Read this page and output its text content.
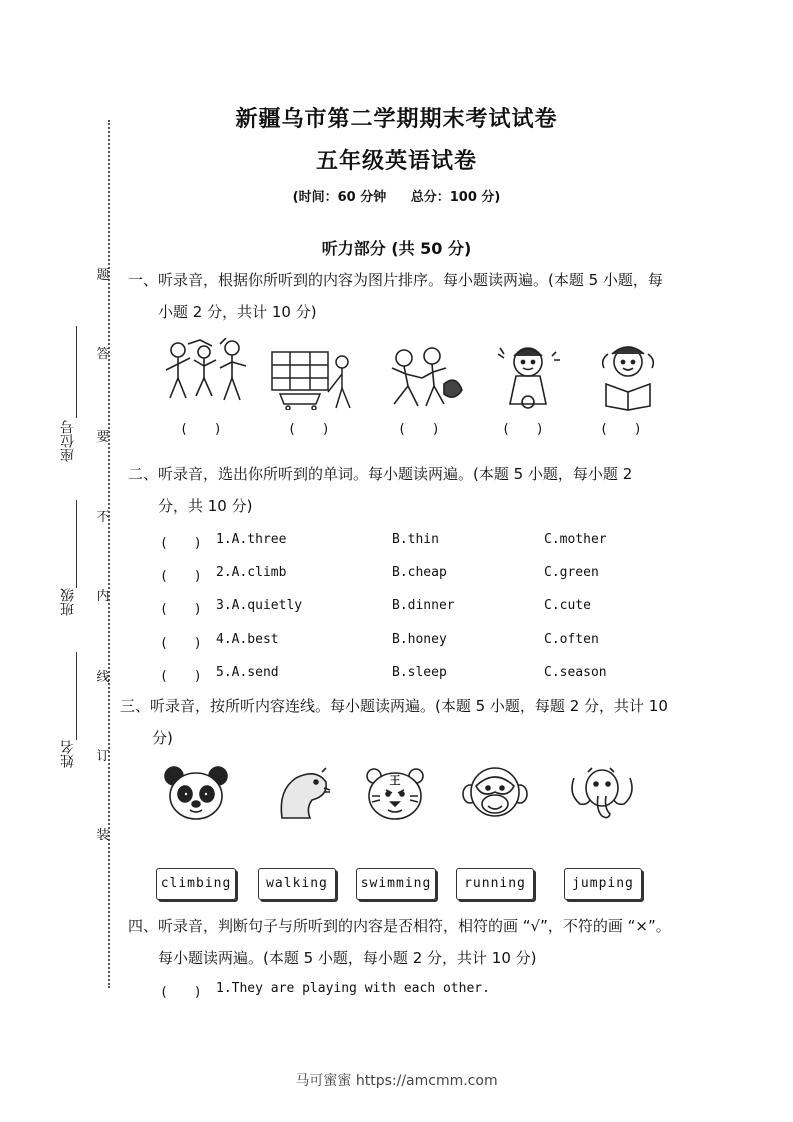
新疆乌市第二学期期末考试试卷
五年级英语试卷
(时间：60 分钟 总分：100 分)
听力部分 (共 50 分)
题
答
要
不
内
线
订
装
座位号
班级
姓名
一、听录音，根据你所听到的内容为图片排序。每小题读两遍。(本题 5 小题，每
小题 2 分，共计 10 分)
(　　)	(　　)	(　　)	(　　)	(　　)
二、听录音，选出你所听到的单词。每小题读两遍。(本题 5 小题，每小题 2
分，共 10 分)
(　　) 1.A.three	B.thin	C.mother
(　　) 2.A.climb	B.cheap	C.green
(　　) 3.A.quietly	B.dinner	C.cute
(　　) 4.A.best	B.honey	C.often
(　　) 5.A.send	B.sleep	C.season
三、听录音，按所听内容连线。每小题读两遍。(本题 5 小题，每题 2 分，共计 10
分)
王
climbing	walking	swimming	running	jumping
四、听录音，判断句子与所听到的内容是否相符，相符的画 “√”，不符的画 “×”。
每小题读两遍。(本题 5 小题，每小题 2 分，共计 10 分)
(　　) 1.They are playing with each other.
马可蜜蜜 https://amcmm.com
